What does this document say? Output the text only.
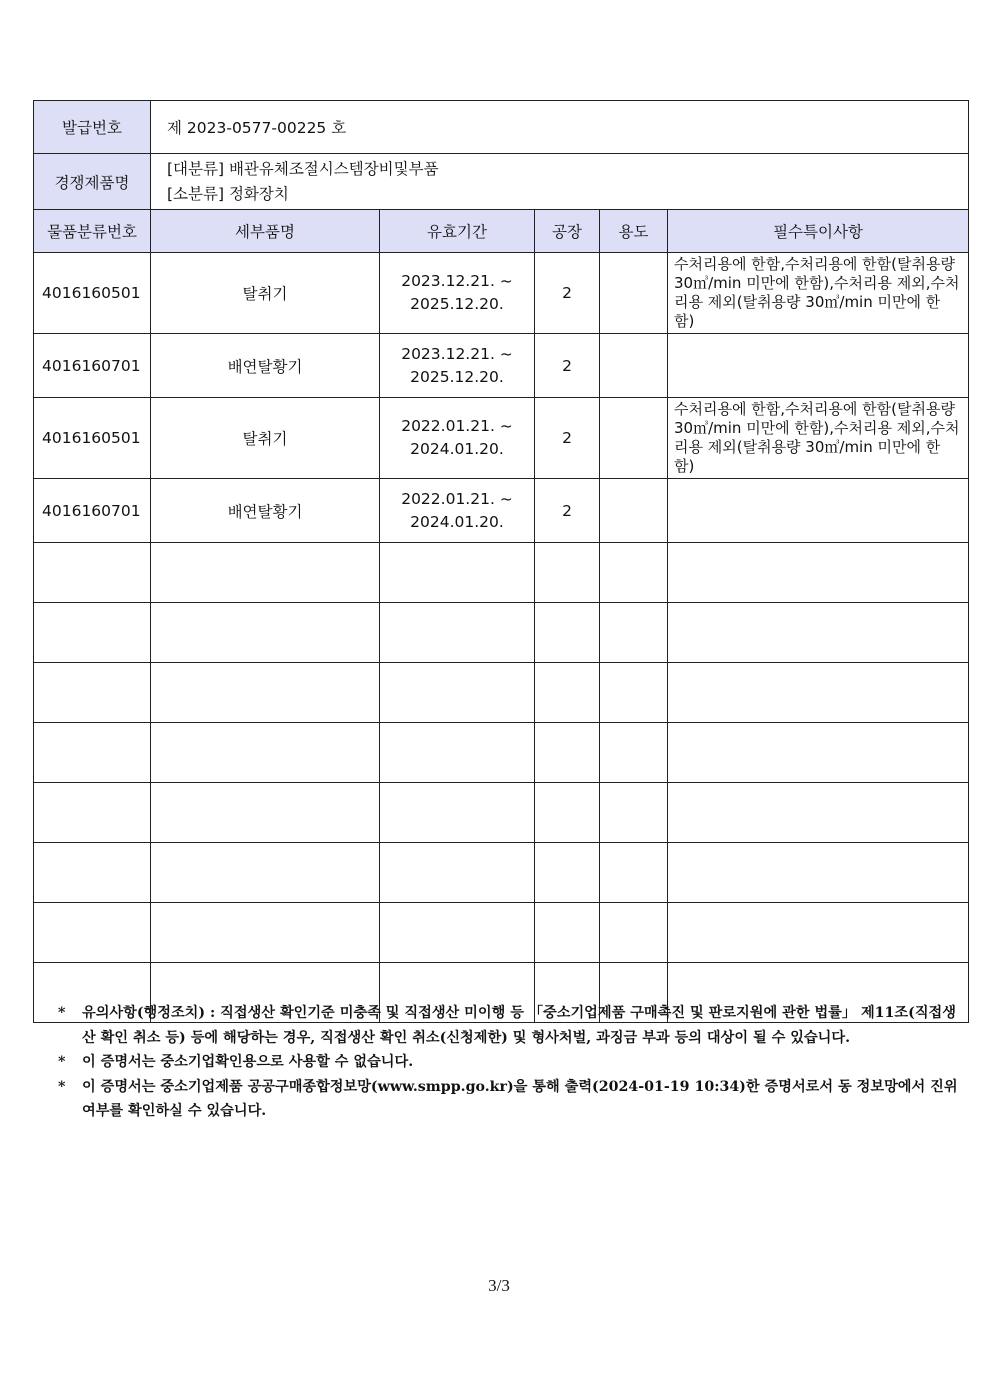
발급번호	제 2023-0577-00225 호				
경쟁제품명	[대분류] 배관유체조절시스템장비및부품
[소분류] 정화장치				

물품분류번호	세부품명	유효기간	공장	용도	필수특이사항
4016160501	탈취기	2023.12.21. ~
2025.12.20.	2		수처리용에 한함,수처리용에 한함(탈취용량 30㎥/min 미만에 한함),수처리용 제외,수처리용 제외(탈취용량 30㎥/min 미만에 한함)
4016160701	배연탈황기	2023.12.21. ~
2025.12.20.	2		
4016160501	탈취기	2022.01.21. ~
2024.01.20.	2		수처리용에 한함,수처리용에 한함(탈취용량 30㎥/min 미만에 한함),수처리용 제외,수처리용 제외(탈취용량 30㎥/min 미만에 한함)
4016160701	배연탈황기	2022.01.21. ~
2024.01.20.	2		

*	유의사항(행정조치) : 직접생산 확인기준 미충족 및 직접생산 미이행 등 「중소기업제품 구매촉진 및 판로지원에 관한 법률」 제11조(직접생산 확인 취소 등) 등에 해당하는 경우, 직접생산 확인 취소(신청제한) 및 형사처벌, 과징금 부과 등의 대상이 될 수 있습니다.
*	이 증명서는 중소기업확인용으로 사용할 수 없습니다.
*	이 증명서는 중소기업제품 공공구매종합정보망(www.smpp.go.kr)을 통해 출력(2024-01-19 10:34)한 증명서로서 동 정보망에서 진위여부를 확인하실 수 있습니다.
3/3
